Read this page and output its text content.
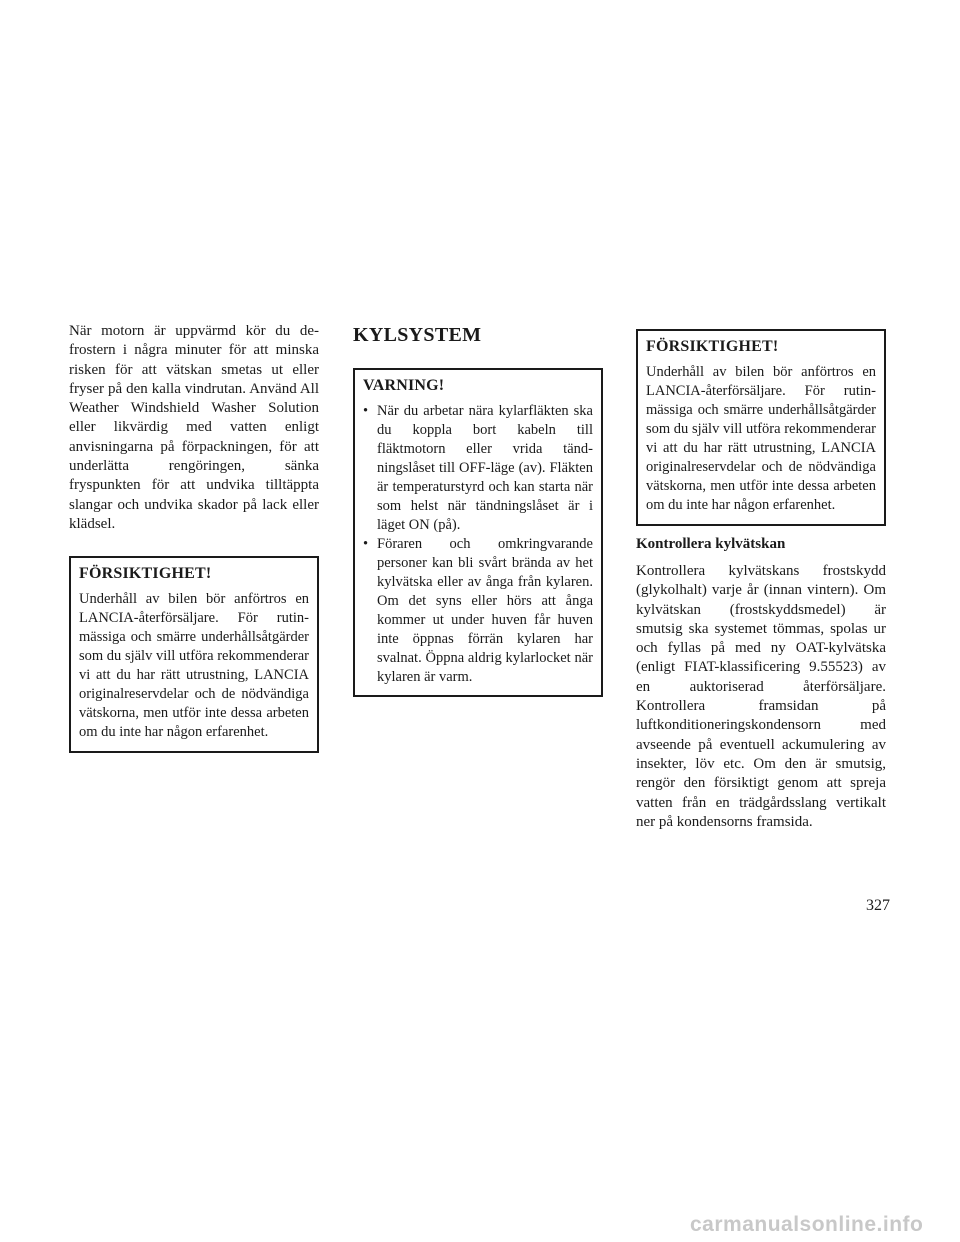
När motorn är uppvärmd kör du defrostern i några minuter för att minska risken för att vätskan smetas ut eller fryser på den kalla vindrutan. Använd All Weather Windshield Washer Solution eller likvärdig med vatten enligt anvisningarna på förpackningen, för att underlätta rengöringen, sänka fryspunkten för att undvika tilltäppta slangar och undvika skador på lack eller klädsel.

FÖRSIKTIGHET!

Underhåll av bilen bör anförtros en LANCIA-återförsäljare. För rutinmässiga och smärre underhållsåtgärder som du själv vill utföra rekommenderar vi att du har rätt utrustning, LANCIA originalreservdelar och de nödvändiga vätskorna, men utför inte dessa arbeten om du inte har någon erfarenhet.

KYLSYSTEM
VARNING!
• När du arbetar nära kylarfläkten ska du koppla bort kabeln till fläktmotorn eller vrida tändningslåset till OFF-läge (av). Fläkten är temperaturstyrd och kan starta när som helst när tändningslåset är i läget ON (på).
• Föraren och omkringvarande personer kan bli svårt brända av het kylvätska eller av ånga från kylaren. Om det syns eller hörs att ånga kommer ut under huven får huven inte öppnas förrän kylaren har svalnat. Öppna aldrig kylarlocket när kylaren är varm.
FÖRSIKTIGHET!

Underhåll av bilen bör anförtros en LANCIA-återförsäljare. För rutinmässiga och smärre underhållsåtgärder som du själv vill utföra rekommenderar vi att du har rätt utrustning, LANCIA originalreservdelar och de nödvändiga vätskorna, men utför inte dessa arbeten om du inte har någon erfarenhet.

Kontrollera kylvätskan

Kontrollera kylvätskans frostskydd (glykolhalt) varje år (innan vintern). Om kylvätskan (frostskyddsmedel) är smutsig ska systemet tömmas, spolas ur och fyllas på med ny OAT-kylvätska (enligt FIAT-klassificering 9.55523) av en auktoriserad återförsäljare. Kontrollera framsidan på luftkonditioneringskondensorn med avseende på eventuell ackumulering av insekter, löv etc. Om den är smutsig, rengör den försiktigt genom att spreja vatten från en trädgårdsslang vertikalt ner på kondensorns framsida.

327
carmanualsonline.info
